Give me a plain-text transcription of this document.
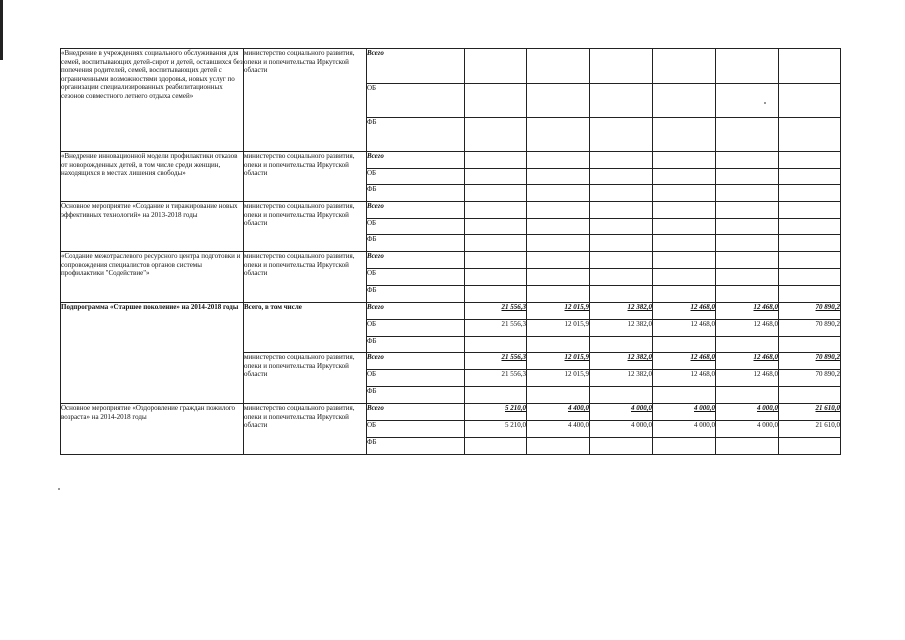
«Внедрение в учреждениях социального обслуживания для семей, воспитывающих детей-сирот и детей, оставшихся без попечения родителей, семей, воспитывающих детей с ограниченными возможностями здоровья, новых услуг по организации специализированных реабилитационных сезонов совместного летнего отдыха семей»	министерство социального развития, опеки и попечительства Иркутской области	Всего						
		ОБ						
		ФБ						
«Внедрение инновационной модели профилактики отказов от новорожденных детей, в том числе среди женщин, находящихся в местах лишения свободы»	министерство социального развития, опеки и попечительства Иркутской области	Всего						
		ОБ						
		ФБ						
Основное мероприятие «Создание и тиражирование новых эффективных технологий» на 2013-2018 годы	министерство социального развития, опеки и попечительства Иркутской области	Всего						
		ОБ						
		ФБ						
«Создание межотраслевого ресурсного центра подготовки и сопровождения специалистов органов системы профилактики "Содействие"»	министерство социального развития, опеки и попечительства Иркутской области	Всего						
		ОБ						
		ФБ						
Подпрограмма «Старшее поколение» на 2014-2018 годы	Всего, в том числе	Всего	21 556,3	12 015,9	12 382,0	12 468,0	12 468,0	70 890,2
		ОБ	21 556,3	12 015,9	12 382,0	12 468,0	12 468,0	70 890,2
		ФБ						
	министерство социального развития, опеки и попечительства Иркутской области	Всего	21 556,3	12 015,9	12 382,0	12 468,0	12 468,0	70 890,2
		ОБ	21 556,3	12 015,9	12 382,0	12 468,0	12 468,0	70 890,2
		ФБ						
Основное мероприятие «Оздоровление граждан пожилого возраста» на 2014-2018 годы	министерство социального развития, опеки и попечительства Иркутской области	Всего	5 210,0	4 400,0	4 000,0	4 000,0	4 000,0	21 610,0
		ОБ	5 210,0	4 400,0	4 000,0	4 000,0	4 000,0	21 610,0
		ФБ						
